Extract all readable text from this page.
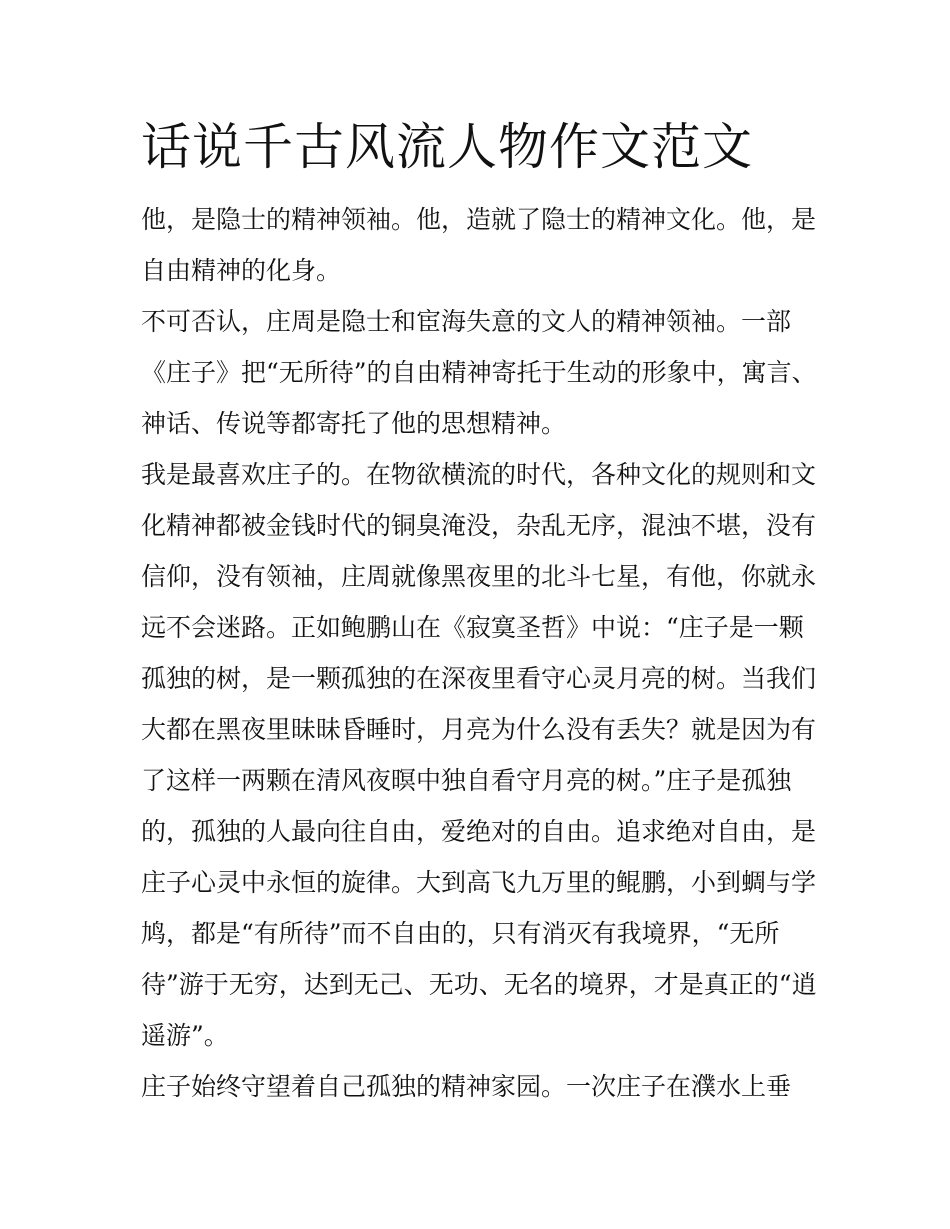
话说千古风流人物作文范文

他，是隐士的精神领袖。他，造就了隐士的精神文化。他，是
自由精神的化身。

不可否认，庄周是隐士和宦海失意的文人的精神领袖。一部
《庄子》把“无所待”的自由精神寄托于生动的形象中，寓言、
神话、传说等都寄托了他的思想精神。

我是最喜欢庄子的。在物欲横流的时代，各种文化的规则和文
化精神都被金钱时代的铜臭淹没，杂乱无序，混浊不堪，没有
信仰，没有领袖，庄周就像黑夜里的北斗七星，有他，你就永
远不会迷路。正如鲍鹏山在《寂寞圣哲》中说：“庄子是一颗
孤独的树，是一颗孤独的在深夜里看守心灵月亮的树。当我们
大都在黑夜里昧昧昏睡时，月亮为什么没有丢失？就是因为有
了这样一两颗在清风夜暝中独自看守月亮的树。”庄子是孤独
的，孤独的人最向往自由，爱绝对的自由。追求绝对自由，是
庄子心灵中永恒的旋律。大到高飞九万里的鲲鹏，小到蜩与学
鸠，都是“有所待”而不自由的，只有消灭有我境界，“无所
待”游于无穷，达到无己、无功、无名的境界，才是真正的“逍
遥游”。

庄子始终守望着自己孤独的精神家园。一次庄子在濮水上垂
